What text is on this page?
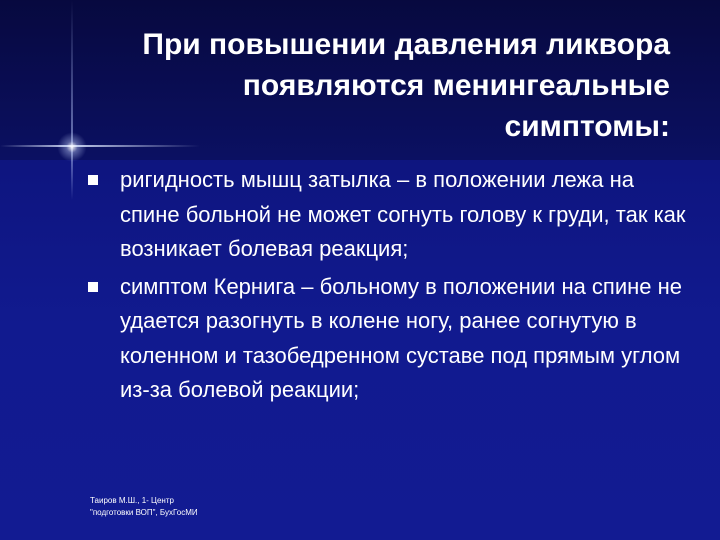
При повышении давления ликвора
появляются менингеальные
симптомы:
ригидность мышц затылка – в положении лежа на спине больной не может согнуть голову к груди, так как возникает болевая реакция;
симптом Кернига – больному в положении на спине не удается разогнуть в колене ногу, ранее согнутую в коленном и тазобедренном суставе под прямым углом из-за болевой реакции;
Таиров М.Ш., 1- Центр
"подготовки ВОП", БухГосМИ
